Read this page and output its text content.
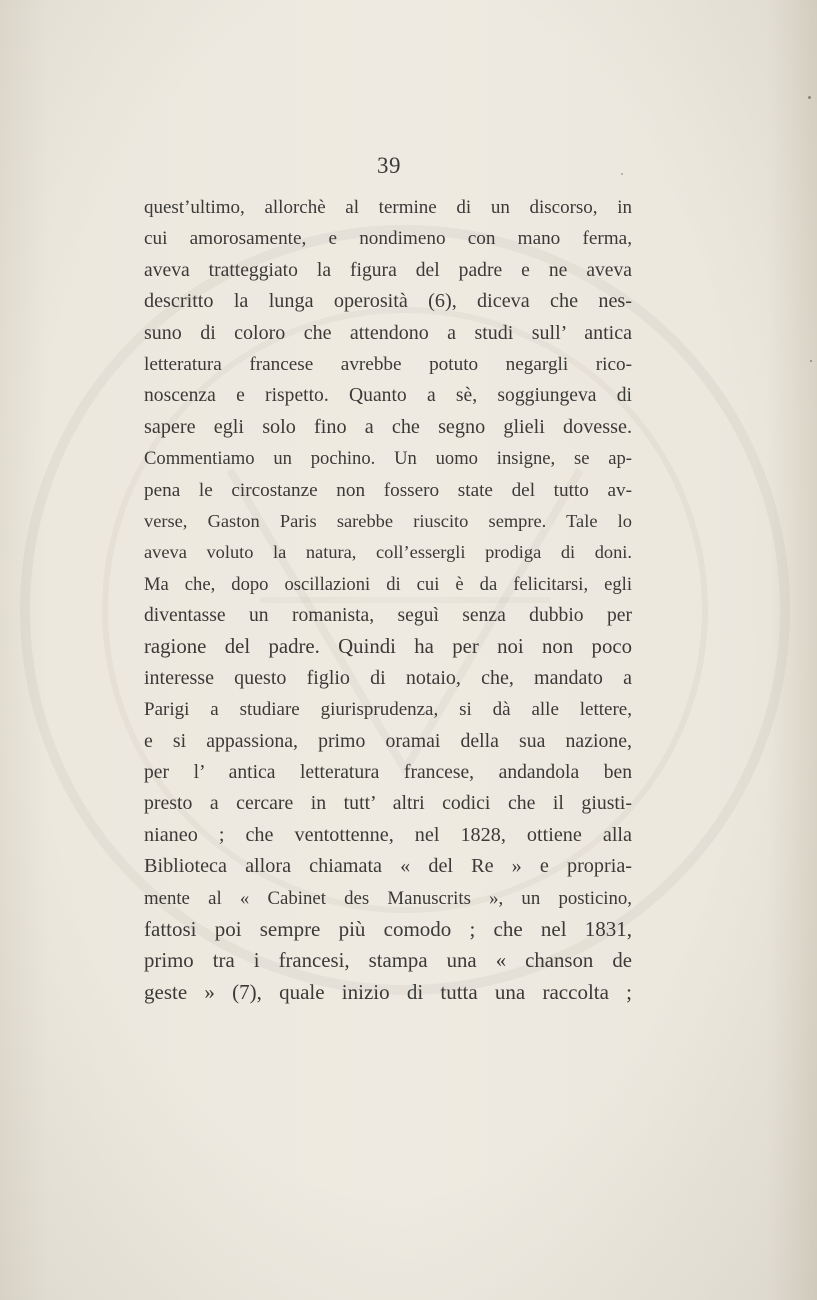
39
quest’ultimo, allorchè al termine di un discorso, in
cui amorosamente, e nondimeno con mano ferma,
aveva tratteggiato la figura del padre e ne aveva
descritto la lunga operosità (6), diceva che nes-
suno di coloro che attendono a studi sull’ antica
letteratura francese avrebbe potuto negargli rico-
noscenza e rispetto. Quanto a sè, soggiungeva di
sapere egli solo fino a che segno glieli dovesse.
Commentiamo un pochino. Un uomo insigne, se ap-
pena le circostanze non fossero state del tutto av-
verse, Gaston Paris sarebbe riuscito sempre. Tale lo
aveva voluto la natura, coll’essergli prodiga di doni.
Ma che, dopo oscillazioni di cui è da felicitarsi, egli
diventasse un romanista, seguì senza dubbio per
ragione del padre. Quindi ha per noi non poco
interesse questo figlio di notaio, che, mandato a
Parigi a studiare giurisprudenza, si dà alle lettere,
e si appassiona, primo oramai della sua nazione,
per l’ antica letteratura francese, andandola ben
presto a cercare in tutt’ altri codici che il giusti-
nianeo ; che ventottenne, nel 1828, ottiene alla
Biblioteca allora chiamata « del Re » e propria-
mente al « Cabinet des Manuscrits », un posticino,
fattosi poi sempre più comodo ; che nel 1831,
primo tra i francesi, stampa una « chanson de
geste » (7), quale inizio di tutta una raccolta ;
